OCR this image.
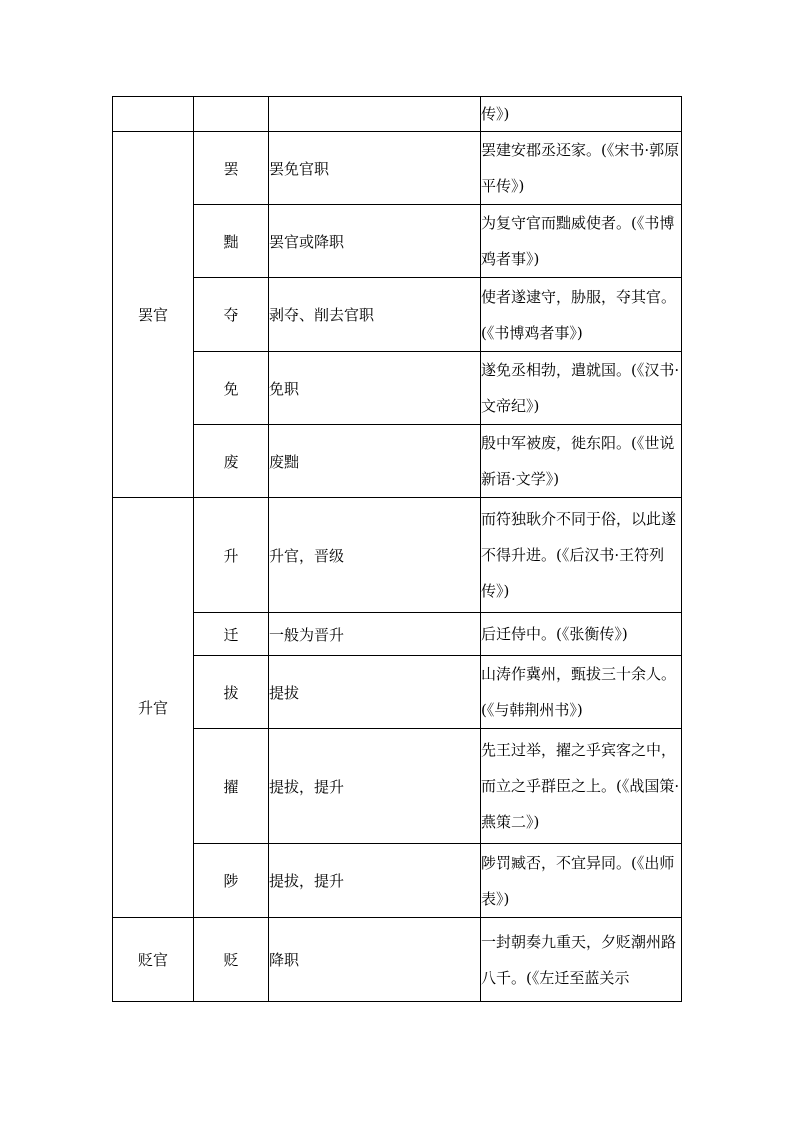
			传》)
罢官	罢	罢免官职	罢建安郡丞还家。(《宋书·郭原平传》)
	黜	罢官或降职	为复守官而黜威使者。(《书博鸡者事》)
	夺	剥夺、削去官职	使者遂逮守，胁服，夺其官。(《书博鸡者事》)
	免	免职	遂免丞相勃，遣就国。(《汉书·文帝纪》)
	废	废黜	殷中军被废，徙东阳。(《世说新语·文学》)
升官	升	升官，晋级	而符独耿介不同于俗，以此遂不得升进。(《后汉书·王符列传》)
	迁	一般为晋升	后迁侍中。(《张衡传》)
	拔	提拔	山涛作冀州，甄拔三十余人。(《与韩荆州书》)
	擢	提拔，提升	先王过举，擢之乎宾客之中，而立之乎群臣之上。(《战国策·燕策二》)
	陟	提拔，提升	陟罚臧否，不宜异同。(《出师表》)
贬官	贬	降职	一封朝奏九重天，夕贬潮州路八千。(《左迁至蓝关示
